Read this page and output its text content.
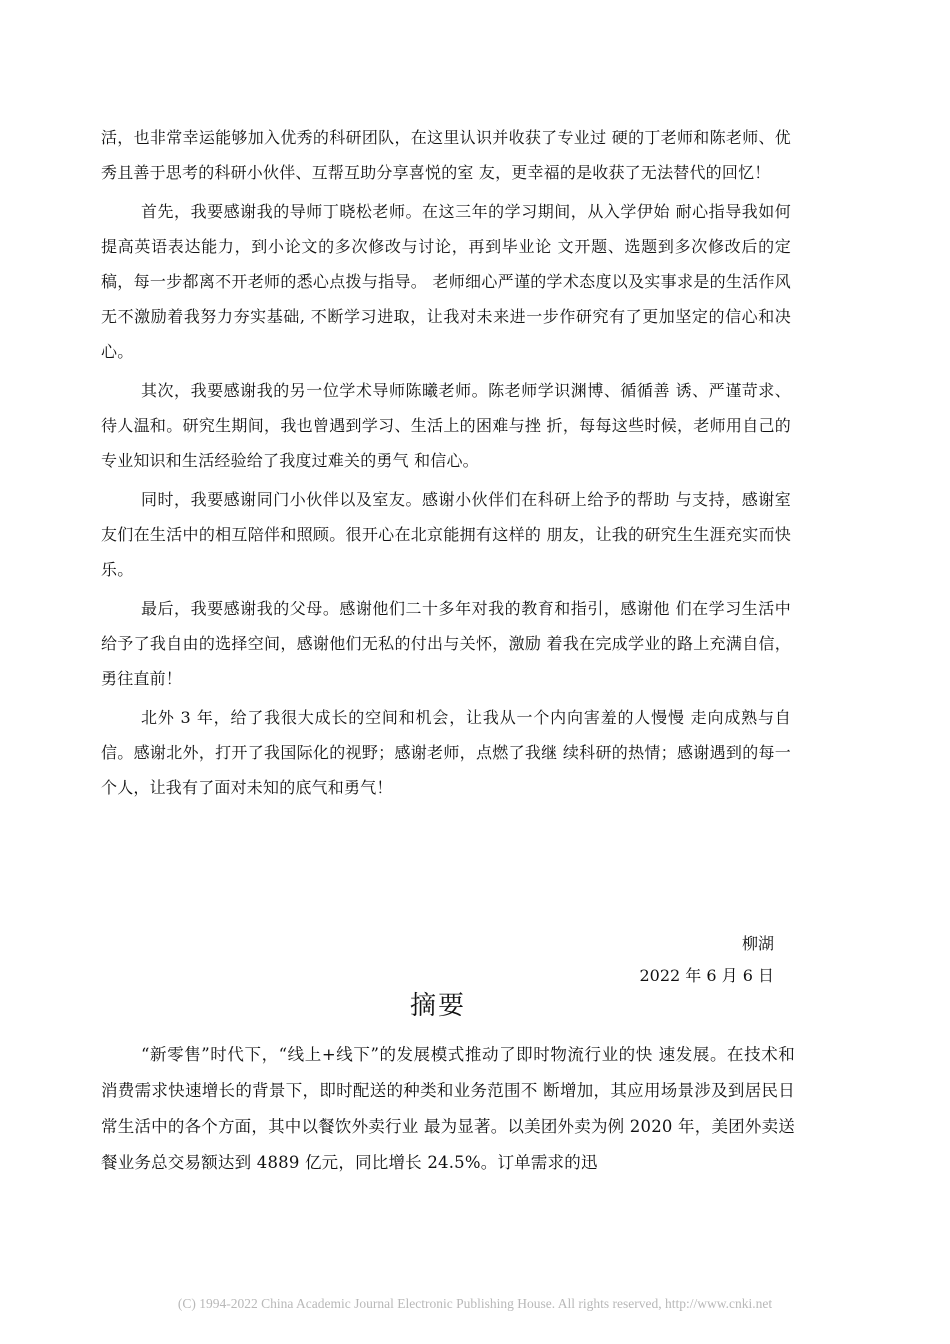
活，也非常幸运能够加入优秀的科研团队，在这里认识并收获了专业过 硬的丁老师和陈老师、优秀且善于思考的科研小伙伴、互帮互助分享喜悦的室 友，更幸福的是收获了无法替代的回忆！

首先，我要感谢我的导师丁晓松老师。在这三年的学习期间，从入学伊始 耐心指导我如何提高英语表达能力，到小论文的多次修改与讨论，再到毕业论 文开题、选题到多次修改后的定稿，每一步都离不开老师的悉心点拨与指导。 老师细心严谨的学术态度以及实事求是的生活作风无不激励着我努力夯实基础, 不断学习进取，让我对未来进一步作研究有了更加坚定的信心和决心。

其次，我要感谢我的另一位学术导师陈曦老师。陈老师学识渊博、循循善 诱、严谨苛求、待人温和。研究生期间，我也曾遇到学习、生活上的困难与挫 折，每每这些时候，老师用自己的专业知识和生活经验给了我度过难关的勇气 和信心。

同时，我要感谢同门小伙伴以及室友。感谢小伙伴们在科研上给予的帮助 与支持，感谢室友们在生活中的相互陪伴和照顾。很开心在北京能拥有这样的 朋友，让我的研究生生涯充实而快乐。

最后，我要感谢我的父母。感谢他们二十多年对我的教育和指引，感谢他 们在学习生活中给予了我自由的选择空间，感谢他们无私的付出与关怀，激励 着我在完成学业的路上充满自信，勇往直前！

北外 3 年，给了我很大成长的空间和机会，让我从一个内向害羞的人慢慢 走向成熟与自信。感谢北外，打开了我国际化的视野；感谢老师，点燃了我继 续科研的热情；感谢遇到的每一个人，让我有了面对未知的底气和勇气！

柳湖
2022 年 6 月 6 日
摘要

“新零售”时代下，“线上+线下”的发展模式推动了即时物流行业的快 速发展。在技术和消费需求快速增长的背景下，即时配送的种类和业务范围不 断增加，其应用场景涉及到居民日常生活中的各个方面，其中以餐饮外卖行业 最为显著。以美团外卖为例 2020 年，美团外卖送餐业务总交易额达到 4889 亿元，同比增长 24.5%。订单需求的迅

(C) 1994-2022 China Academic Journal Electronic Publishing House. All rights reserved, http://www.cnki.net
